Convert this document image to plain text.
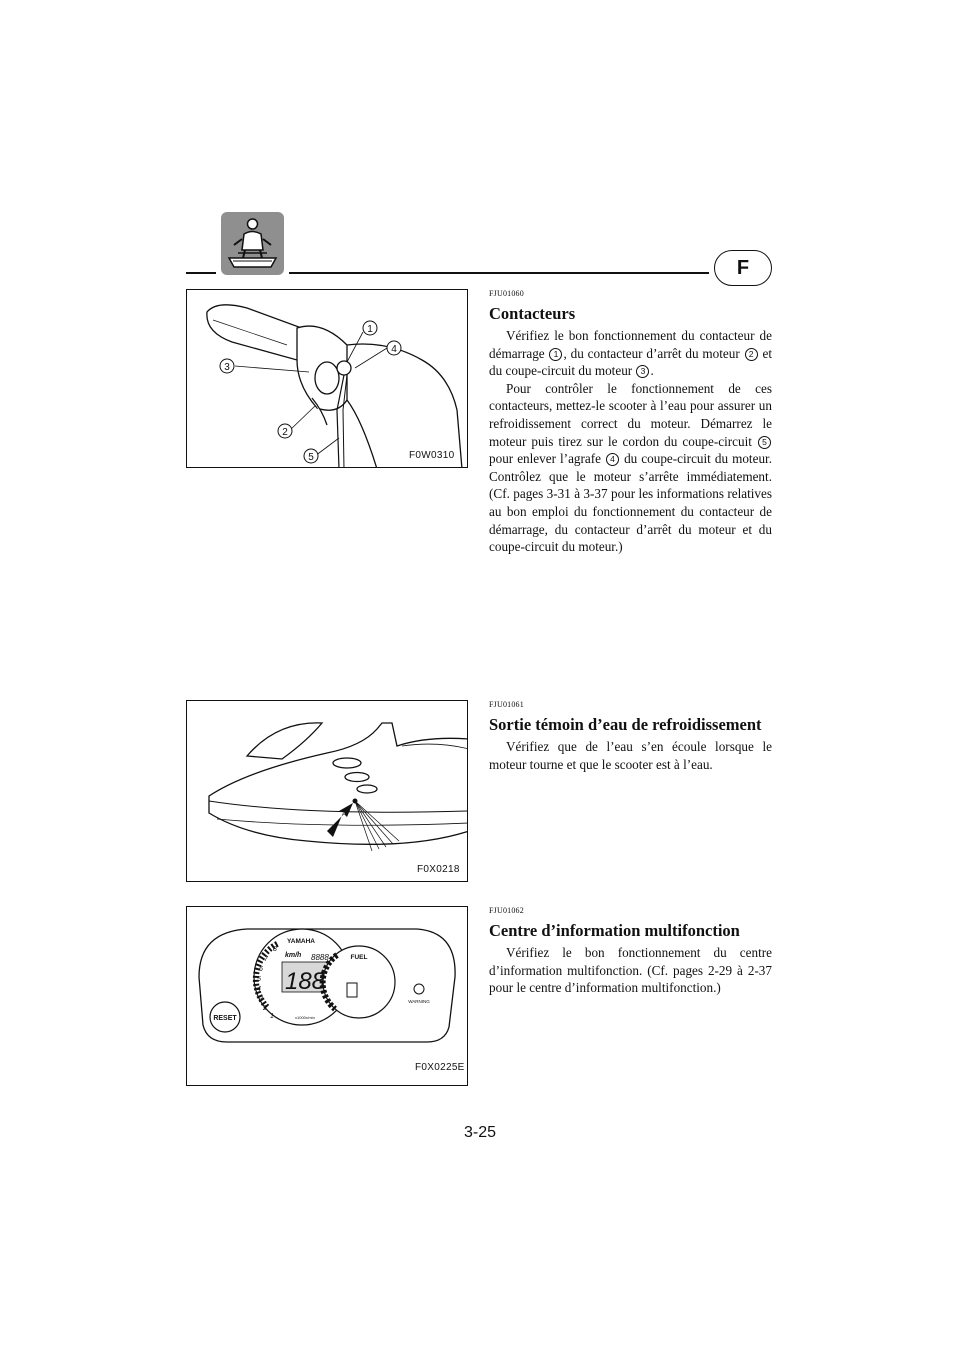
F
1
2
3
4
5	F0W0310
F0X0218
YAMAHA
km/h 8888
188
x1000r/min
FUEL
WARNING
RESET
8
7
6
5
4
3
2
1
F0X0225E
FJU01060
Contacteurs

Vérifiez le bon fonctionnement du contacteur de démarrage 1 , du contacteur d’arrêt du moteur 2 et du coupe-circuit du moteur 3 .

Pour contrôler le fonctionnement de ces contacteurs, mettez-le scooter à l’eau pour assurer un refroidissement correct du moteur. Démarrez le moteur puis tirez sur le cordon du coupe-circuit 5 pour enlever l’agrafe 4 du coupe-circuit du moteur. Contrôlez que le moteur s’arrête immédiatement. (Cf. pages 3-31 à 3-37 pour les informations relatives au bon emploi du fonctionnement du contacteur de démarrage, du contacteur d’arrêt du moteur et du coupe-circuit du moteur.)

FJU01061
Sortie témoin d’eau de refroidissement

Vérifiez que de l’eau s’en écoule lorsque le moteur tourne et que le scooter est à l’eau.

FJU01062
Centre d’information multifonction

Vérifiez le bon fonctionnement du centre d’information multifonction. (Cf. pages 2-29 à 2-37 pour le centre d’information multifonction.)

3-25
